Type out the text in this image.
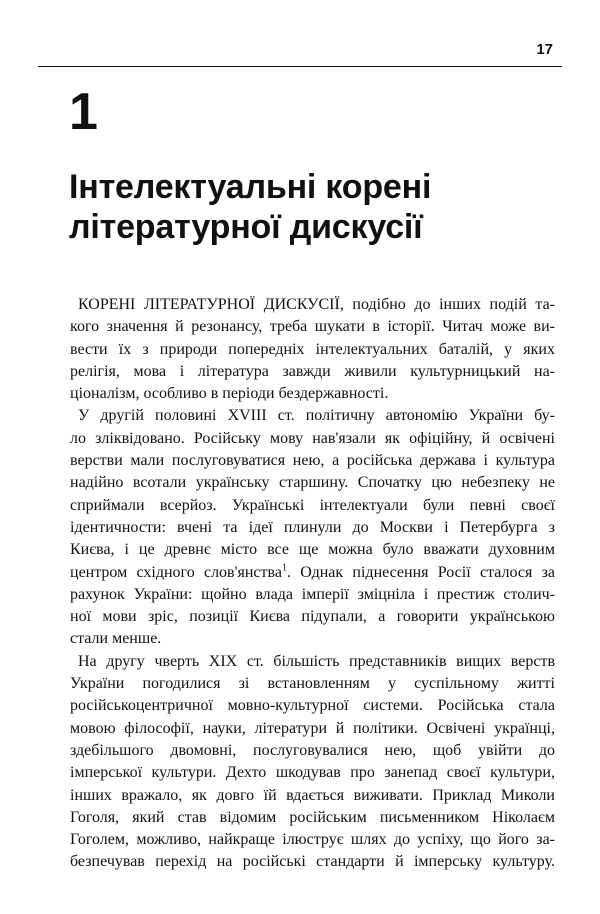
17
1
Інтелектуальні корені
літературної дискусії

КОРЕНІ ЛІТЕРАТУРНОЇ ДИСКУСІЇ, подібно до інших подій та-
кого значення й резонансу, треба шукати в історії. Читач може ви-
вести їх з природи попередніх інтелектуальних баталій, у яких
релігія, мова і література завжди живили культурницький на-
ціоналізм, особливо в періоди бездержавності.

У другій половині XVIII ст. політичну автономію України бу-
ло зліквідовано. Російську мову нав'язали як офіційну, й освічені
верстви мали послуговуватися нею, а російська держава і культура
надійно всотали українську старшину. Спочатку цю небезпеку не
сприймали всерйоз. Українські інтелектуали були певні своєї
ідентичности: вчені та ідеї плинули до Москви і Петербурга з
Києва, і це древнє місто все ще можна було вважати духовним
центром східного слов'янства$^1$. Однак піднесення Росії сталося за
рахунок України: щойно влада імперії зміцніла і престиж столич-
ної мови зріс, позиції Києва підупали, а говорити українською
стали менше.

На другу чверть XIX ст. більшість представників вищих верств
України погодилися зі встановленням у суспільному житті
російськоцентричної мовно-культурної системи. Російська стала
мовою філософії, науки, літератури й політики. Освічені українці,
здебільшого двомовні, послуговувалися нею, щоб увійти до
імперської культури. Дехто шкодував про занепад своєї культури,
інших вражало, як довго їй вдається виживати. Приклад Миколи
Гоголя, який став відомим російським письменником Ніколаєм
Гоголем, можливо, найкраще ілюструє шлях до успіху, що його за-
безпечував перехід на російські стандарти й імперську культуру.
